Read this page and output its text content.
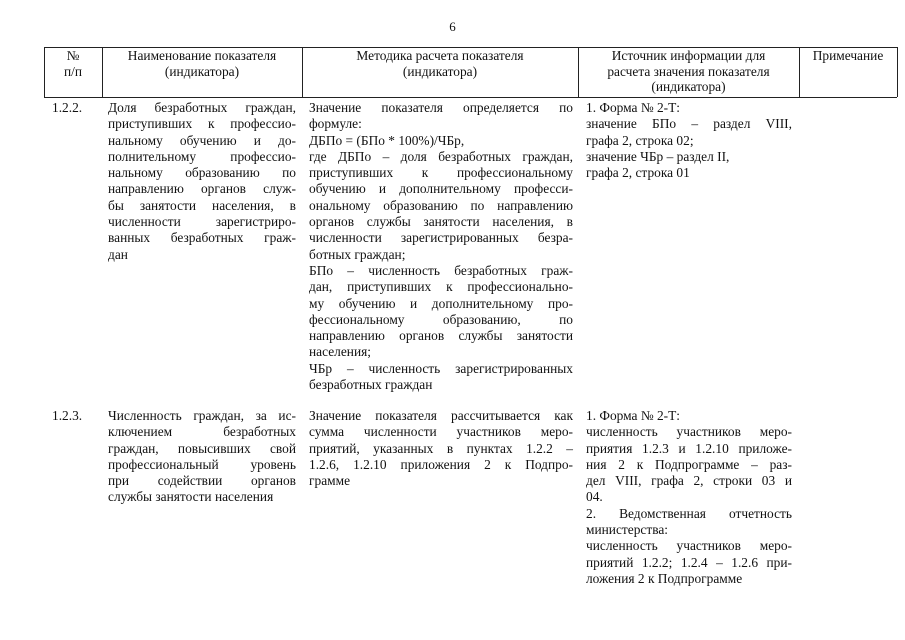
6
№
п/п
Наименование показателя
(индикатора)
Методика расчета показателя
(индикатора)
Источник информации для
расчета значения показателя
(индикатора)
Примечание
1.2.2.	Доля безработных граждан,
приступивших к профессио-
нальному обучению и до-
полнительному профессио-
нальному образованию по
направлению органов служ-
бы занятости населения, в
численности зарегистриро-
ванных безработных граж-
дан
Значение показателя определяется по
формуле:
ДБПо = (БПо * 100%)/ЧБр,
где ДБПо – доля безработных граждан,
приступивших к профессиональному
обучению и дополнительному професси-
ональному образованию по направлению
органов службы занятости населения, в
численности зарегистрированных безра-
ботных граждан;
БПо – численность безработных граж-
дан, приступивших к профессионально-
му обучению и дополнительному про-
фессиональному образованию, по
направлению органов службы занятости
населения;
ЧБр – численность зарегистрированных
безработных граждан
1. Форма № 2-Т:
значение БПо – раздел VIII,
графа 2, строка 02;
значение ЧБр – раздел II,
графа 2, строка 01
1.2.3.	Численность граждан, за ис-
ключением безработных
граждан, повысивших свой
профессиональный уровень
при содействии органов
службы занятости населения
Значение показателя рассчитывается как
сумма численности участников меро-
приятий, указанных в пунктах 1.2.2 –
1.2.6, 1.2.10 приложения 2 к Подпро-
грамме
1. Форма № 2-Т:
численность участников меро-
приятия 1.2.3 и 1.2.10 приложе-
ния 2 к Подпрограмме – раз-
дел VIII, графа 2, строки 03 и
04.
2. Ведомственная отчетность
министерства:
численность участников меро-
приятий 1.2.2; 1.2.4 – 1.2.6 при-
ложения 2 к Подпрограмме
